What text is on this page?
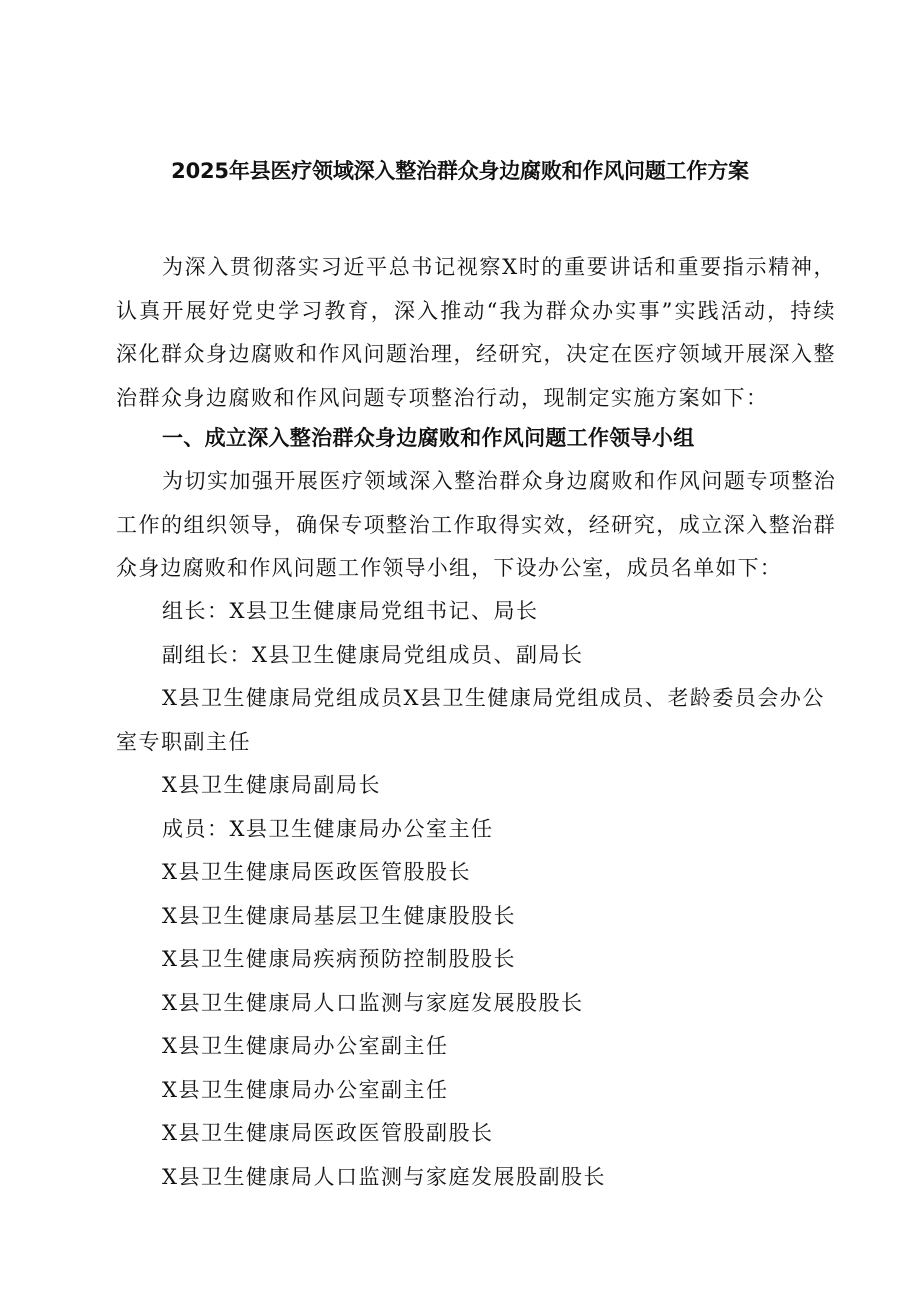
2025年县医疗领域深入整治群众身边腐败和作风问题工作方案

为深入贯彻落实习近平总书记视察X时的重要讲话和重要指示精神，认真开展好党史学习教育，深入推动“我为群众办实事”实践活动，持续深化群众身边腐败和作风问题治理，经研究，决定在医疗领域开展深入整治群众身边腐败和作风问题专项整治行动，现制定实施方案如下：

一、成立深入整治群众身边腐败和作风问题工作领导小组

为切实加强开展医疗领域深入整治群众身边腐败和作风问题专项整治工作的组织领导，确保专项整治工作取得实效，经研究，成立深入整治群众身边腐败和作风问题工作领导小组，下设办公室，成员名单如下：

组长：X县卫生健康局党组书记、局长
副组长：X县卫生健康局党组成员、副局长
X县卫生健康局党组成员X县卫生健康局党组成员、老龄委员会办公室专职副主任
X县卫生健康局副局长
成员：X县卫生健康局办公室主任
X县卫生健康局医政医管股股长
X县卫生健康局基层卫生健康股股长
X县卫生健康局疾病预防控制股股长
X县卫生健康局人口监测与家庭发展股股长
X县卫生健康局办公室副主任
X县卫生健康局办公室副主任
X县卫生健康局医政医管股副股长
X县卫生健康局人口监测与家庭发展股副股长
